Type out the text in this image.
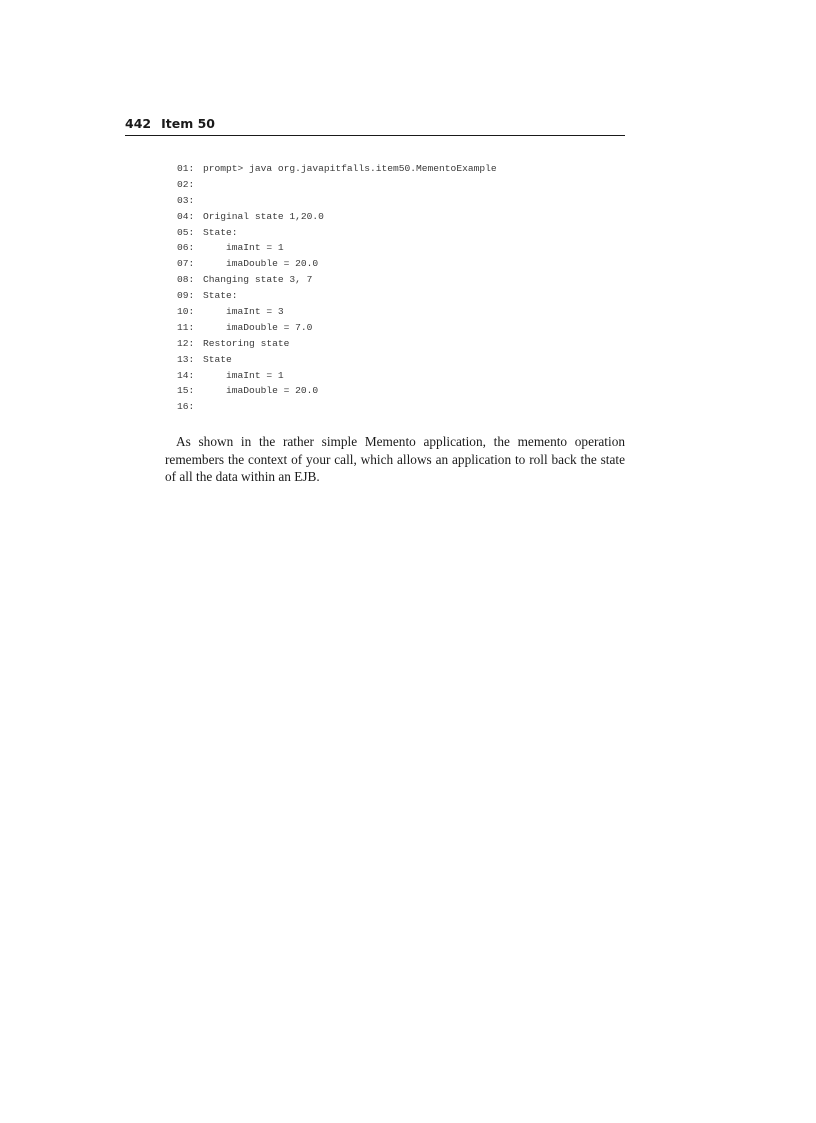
442 Item 50
01: prompt> java org.javapitfalls.item50.MementoExample
02:
03:
04: Original state 1,20.0
05: State:
06:    imaInt = 1
07:    imaDouble = 20.0
08: Changing state 3, 7
09: State:
10:    imaInt = 3
11:    imaDouble = 7.0
12: Restoring state
13: State
14:    imaInt = 1
15:    imaDouble = 20.0
16:

As shown in the rather simple Memento application, the memento operation remembers the context of your call, which allows an application to roll back the state of all the data within an EJB.
